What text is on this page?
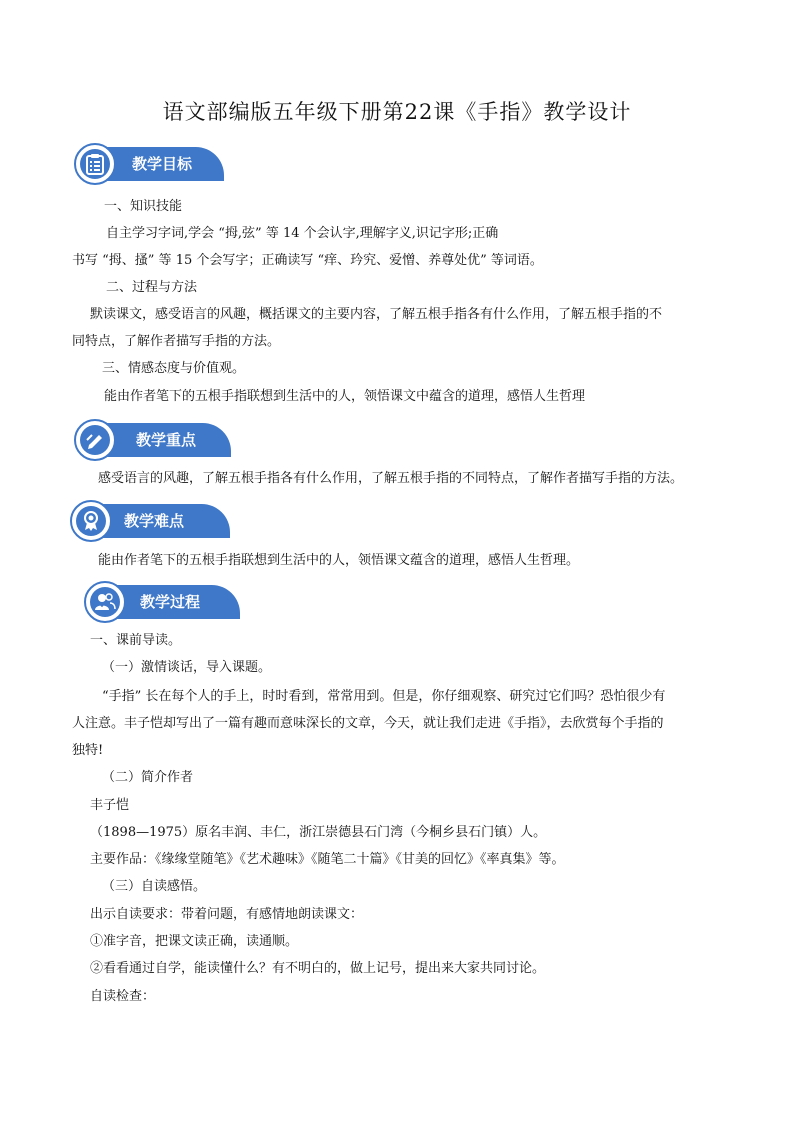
语文部编版五年级下册第22课《手指》教学设计
教学目标
一、知识技能
自主学习字词,学会 “拇,弦” 等 14 个会认字,理解字义,识记字形;正确
书写 “拇、搔” 等 15 个会写字；正确读写 “痒、玪究、爱憎、养尊处优” 等词语。
二、过程与方法
默读课文，感受语言的风趣，概括课文的主要内容，了解五根手指各有什么作用，了解五根手指的不
同特点，了解作者描写手指的方法。
三、情感态度与价值观。
能由作者笔下的五根手指联想到生活中的人，领悟课文中蕴含的道理，感悟人生哲理
教学重点
感受语言的风趣，了解五根手指各有什么作用，了解五根手指的不同特点，了解作者描写手指的方法。
教学难点
能由作者笔下的五根手指联想到生活中的人，领悟课文蕴含的道理，感悟人生哲理。
教学过程
一、课前导读。
（一）激情谈话，导入课题。
“手指” 长在每个人的手上，时时看到，常常用到。但是，你仔细观察、研究过它们吗？恐怕很少有
人注意。丰子恺却写出了一篇有趣而意味深长的文章，今天，就让我们走进《手指》，去欣赏每个手指的
独特!
（二）简介作者
丰子恺
（1898—1975）原名丰润、丰仁，浙江崇德县石门湾（今桐乡县石门镇）人。
主要作品：《缘缘堂随笔》《艺术趣味》《随笔二十篇》《甘美的回忆》《率真集》等。
（三）自读感悟。
出示自读要求：带着问题，有感情地朗读课文：
①准字音，把课文读正确，读通顺。
②看看通过自学，能读懂什么？有不明白的，做上记号，提出来大家共同讨论。
自读检查：
